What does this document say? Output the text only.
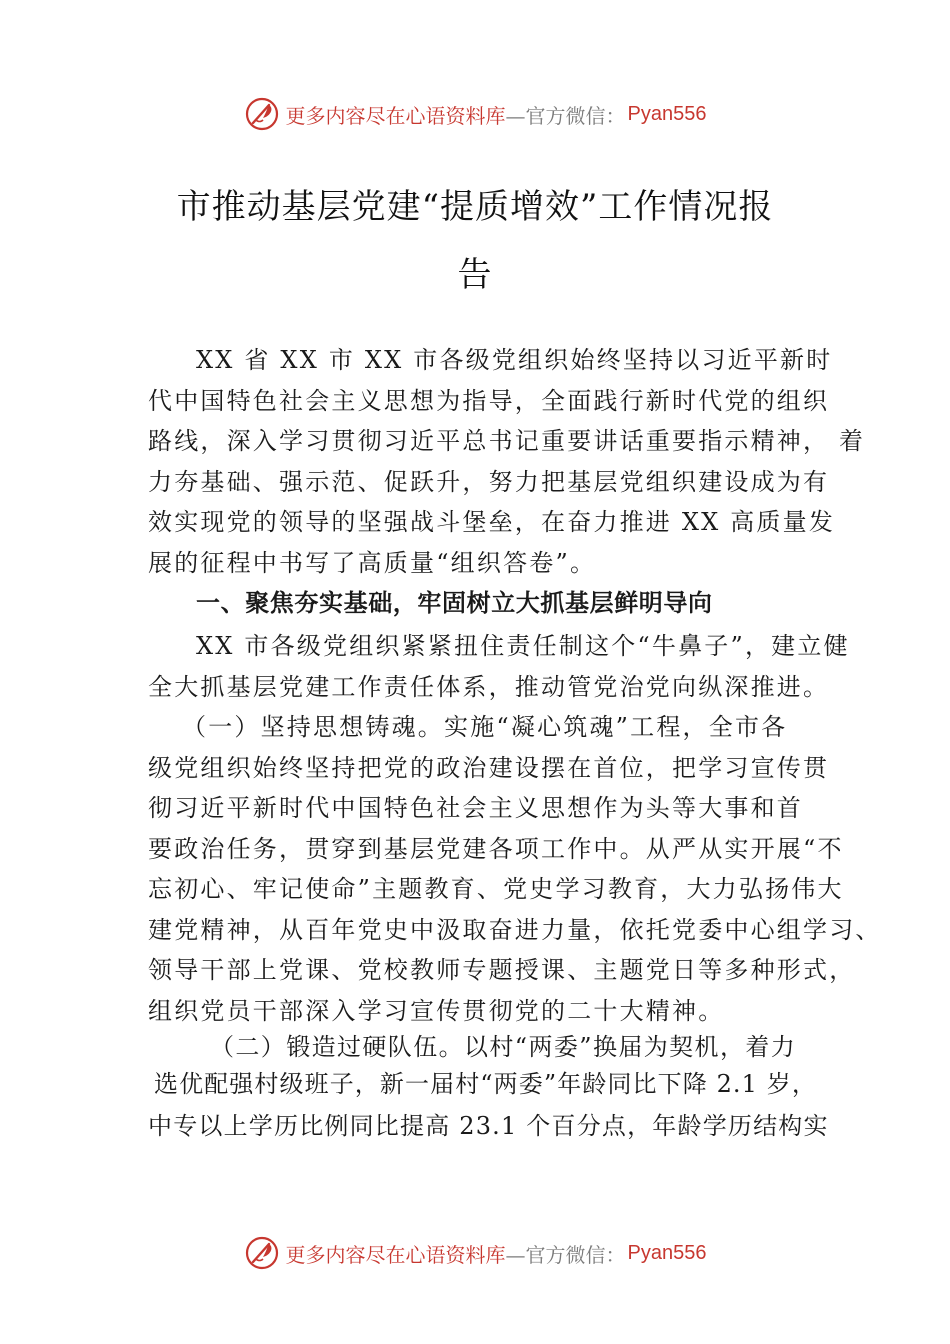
更多内容尽在心语资料库 —官方微信： Pyan556
市推动基层党建“提质增效”工作情况报
告
XX 省 XX 市 XX 市各级党组织始终坚持以习近平新时
代中国特色社会主义思想为指导，全面践行新时代党的组织
路线，深入学习贯彻习近平总书记重要讲话重要指示精神， 着
力夯基础、强示范、促跃升，努力把基层党组织建设成为有
效实现党的领导的坚强战斗堡垒，在奋力推进 XX 高质量发
展的征程中书写了高质量“组织答卷”。
一、聚焦夯实基础，牢固树立大抓基层鲜明导向
XX 市各级党组织紧紧扭住责任制这个“牛鼻子”，建立健
全大抓基层党建工作责任体系，推动管党治党向纵深推进。
（一）坚持思想铸魂。实施“凝心筑魂”工程，全市各
级党组织始终坚持把党的政治建设摆在首位，把学习宣传贯
彻习近平新时代中国特色社会主义思想作为头等大事和首
要政治任务，贯穿到基层党建各项工作中。从严从实开展“不
忘初心、牢记使命”主题教育、党史学习教育，大力弘扬伟大
建党精神，从百年党史中汲取奋进力量，依托党委中心组学习、
领导干部上党课、党校教师专题授课、主题党日等多种形式，
组织党员干部深入学习宣传贯彻党的二十大精神。
（二）锻造过硬队伍。以村“两委”换届为契机，着力
选优配强村级班子，新一届村“两委”年龄同比下降 2.1 岁，
中专以上学历比例同比提高 23.1 个百分点，年龄学历结构实
更多内容尽在心语资料库 —官方微信： Pyan556
